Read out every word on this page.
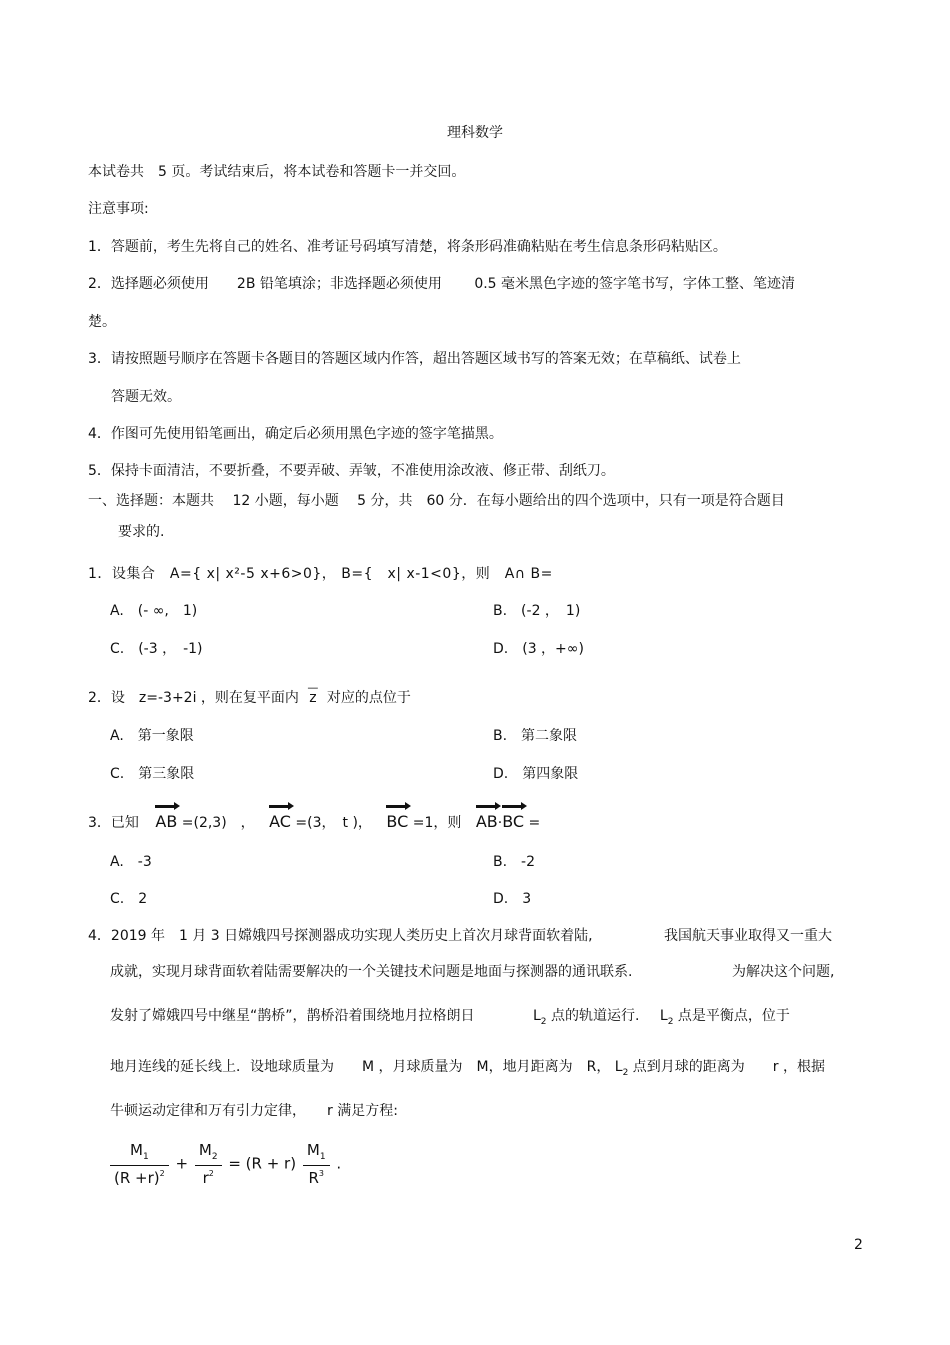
理科数学
本试卷共　5 页。考试结束后，将本试卷和答题卡一并交回。
注意事项:
1．答题前，考生先将自己的姓名、准考证号码填写清楚，将条形码准确粘贴在考生信息条形码粘贴区。
2．选择题必须使用　　2B 铅笔填涂；非选择题必须使用　　 0.5 毫米黑色字迹的签字笔书写，字体工整、笔迹清
楚。
3．请按照题号顺序在答题卡各题目的答题区域内作答，超出答题区域书写的答案无效；在草稿纸、试卷上
答题无效。
4．作图可先使用铅笔画出，确定后必须用黑色字迹的签字笔描黑。
5．保持卡面清洁，不要折叠，不要弄破、弄皱，不准使用涂改液、修正带、刮纸刀。
一、选择题：本题共　 12 小题，每小题　 5 分，共　60 分．在每小题给出的四个选项中，只有一项是符合题目
要求的.
1．设集合　A={ x| x²-5 x+6>0}， B={　x| x-1<0}，则　A∩ B=
A.　(- ∞,　1)	B.　(-2 ，　1)
C.　(-3 ，　-1)	D.　(3 ，+∞)
2．设　z=-3+2i ，则在复平面内
—
z 对应的点位于
A.　第一象限	B.　第二象限
C.　第三象限	D.　第四象限
3．已知 AB =(2,3)　， AC =(3，　t )， BC =1，则 AB·BC =
A.　-3	B.　-2
C.　2	D.　3
4．2019 年　1 月 3 日嫦娥四号探测器成功实现人类历史上首次月球背面软着陆,	我国航天事业取得又一重大
成就，实现月球背面软着陆需要解决的一个关键技术问题是地面与探测器的通讯联系.	为解决这个问题,
发射了嫦娥四号中继星“鹊桥”，鹊桥沿着围绕地月拉格朗日	$L_2$ 点的轨道运行. $L_2$ 点是平衡点，位于
地月连线的延长线上．设地球质量为　　M ，月球质量为　M，地月距离为　R， $L_2$ 点到月球的距离为　　r ，根据
牛顿运动定律和万有引力定律，　　r 满足方程:
$\frac{M_1}{(R +r)^2} + \frac{M_2}{r^2} = (R + r) \frac{M_1}{R^3}$ .
2
